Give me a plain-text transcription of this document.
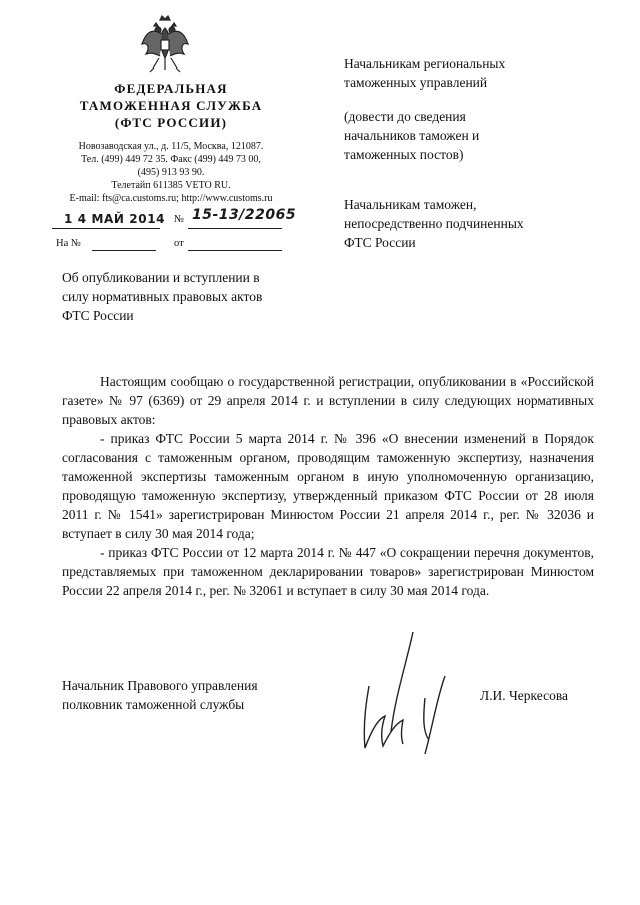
ФЕДЕРАЛЬНАЯ
ТАМОЖЕННАЯ СЛУЖБА
(ФТС РОССИИ)
Новозаводская ул., д. 11/5, Москва, 121087.
Тел. (499) 449 72 35. Факс (499) 449 73 00,
(495) 913 93 90.
Телетайп 611385 VETO RU.
E-mail: fts@ca.customs.ru; http://www.customs.ru
1 4 МАЙ 2014 № 15-13/22065
На №	от
Начальникам региональных
таможенных управлений
(довести до сведения
начальников таможен и
таможенных постов)
Начальникам таможен,
непосредственно подчиненных
ФТС России
Об опубликовании и вступлении в
силу нормативных правовых актов
ФТС России

Настоящим сообщаю о государственной регистрации, опубликовании в «Российской газете» № 97 (6369) от 29 апреля 2014 г. и вступлении в силу следующих нормативных правовых актов:

- приказ ФТС России 5 марта 2014 г. № 396 «О внесении изменений в Порядок согласования с таможенным органом, проводящим таможенную экспертизу, назначения таможенной экспертизы таможенным органом в иную уполномоченную организацию, проводящую таможенную экспертизу, утвержденный приказом ФТС России от 28 июля 2011 г. № 1541» зарегистрирован Минюстом России 21 апреля 2014 г., рег. № 32036 и вступает в силу 30 мая 2014 года;

- приказ ФТС России от 12 марта 2014 г. № 447 «О сокращении перечня документов, представляемых при таможенном декларировании товаров» зарегистрирован Минюстом России 22 апреля 2014 г., рег. № 32061 и вступает в силу 30 мая 2014 года.

Начальник Правового управления
полковник таможенной службы
Л.И. Черкесова
